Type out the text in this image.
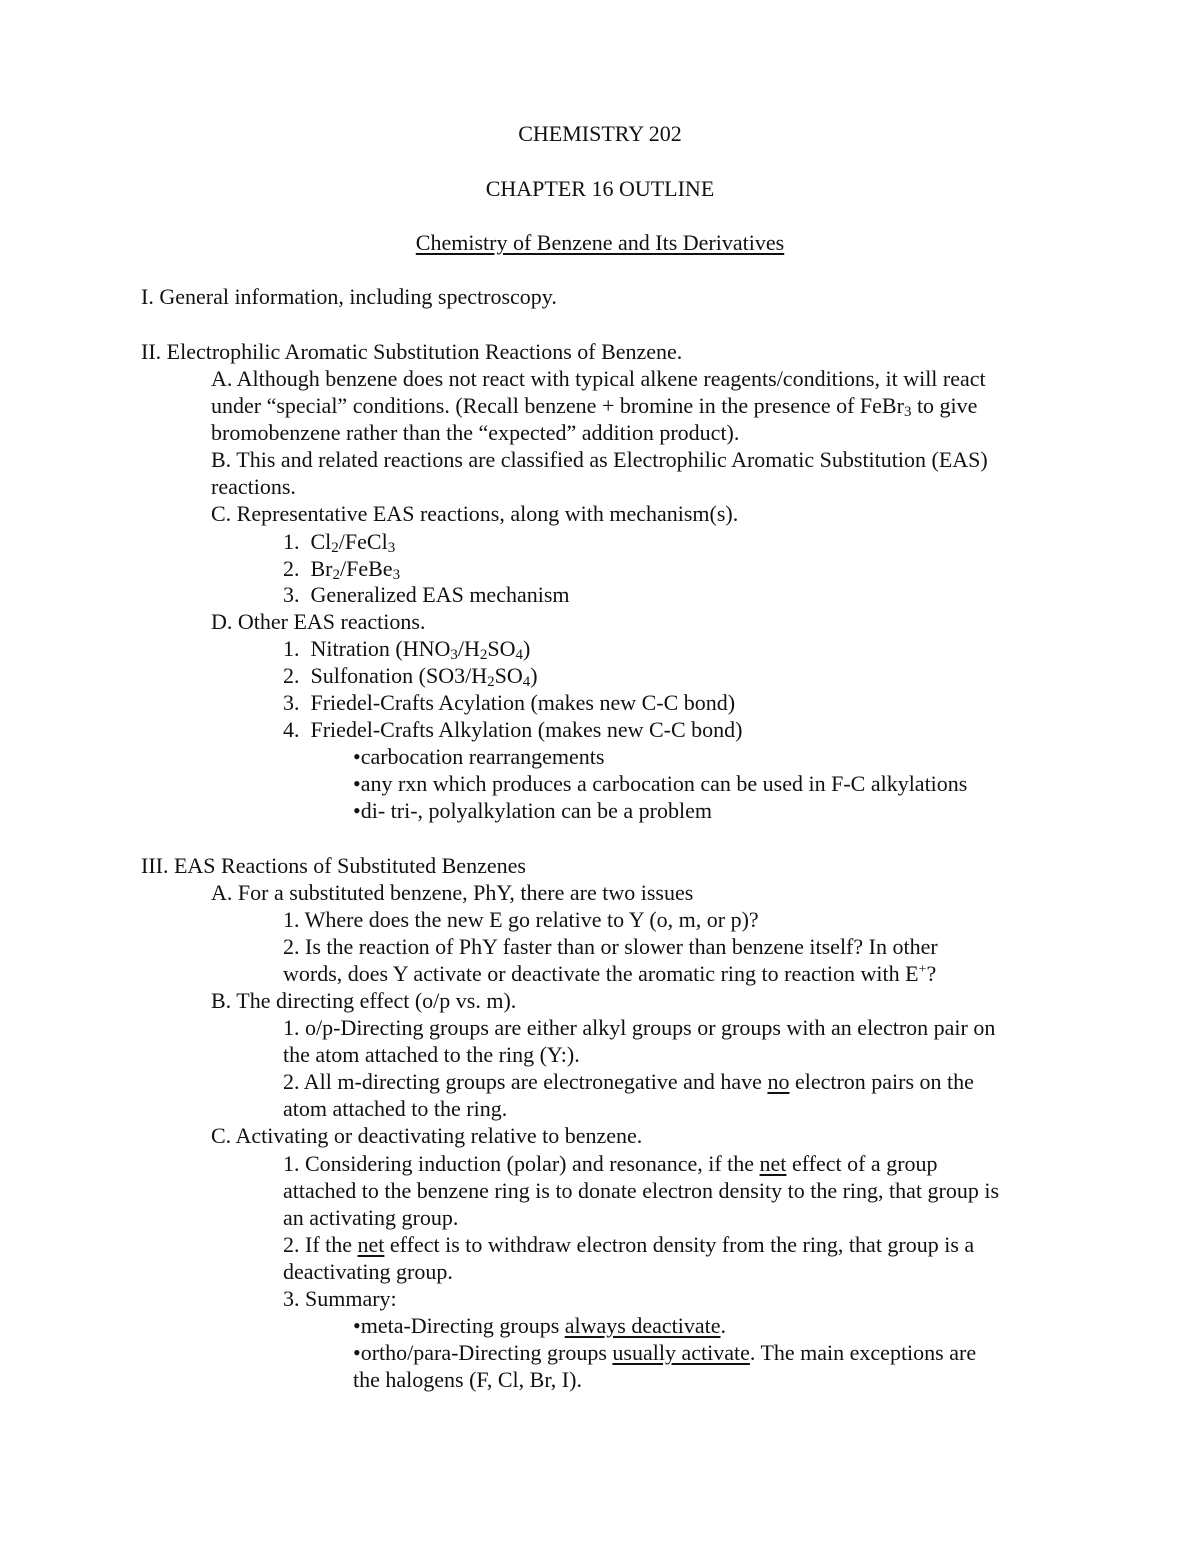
CHEMISTRY 202
CHAPTER 16 OUTLINE
Chemistry of Benzene and Its Derivatives
I. General information, including spectroscopy.
II. Electrophilic Aromatic Substitution Reactions of Benzene.
A. Although benzene does not react with typical alkene reagents/conditions, it will react
under “special” conditions. (Recall benzene + bromine in the presence of FeBr$_3$ to give
bromobenzene rather than the “expected” addition product).
B. This and related reactions are classified as Electrophilic Aromatic Substitution (EAS)
reactions.
C. Representative EAS reactions, along with mechanism(s).
1. $Cl_2/FeCl_3$
2. $Br_2/FeBe_3$
3. Generalized EAS mechanism
D. Other EAS reactions.
1. Nitration $(HNO_3/H_2SO_4)$
2. Sulfonation $(SO3/H_2SO_4)$
3. Friedel-Crafts Acylation (makes new C-C bond)
4. Friedel-Crafts Alkylation (makes new C-C bond)
•carbocation rearrangements
•any rxn which produces a carbocation can be used in F-C alkylations
•di- tri-, polyalkylation can be a problem
III. EAS Reactions of Substituted Benzenes
A. For a substituted benzene, PhY, there are two issues
1. Where does the new E go relative to Y (o, m, or p)?
2. Is the reaction of PhY faster than or slower than benzene itself? In other
words, does Y activate or deactivate the aromatic ring to reaction with E+?
B. The directing effect (o/p vs. m).
1. o/p-Directing groups are either alkyl groups or groups with an electron pair on
the atom attached to the ring (Y:).
2. All m-directing groups are electronegative and have no electron pairs on the
atom attached to the ring.
C. Activating or deactivating relative to benzene.
1. Considering induction (polar) and resonance, if the net effect of a group
attached to the benzene ring is to donate electron density to the ring, that group is
an activating group.
2. If the net effect is to withdraw electron density from the ring, that group is a
deactivating group.
3. Summary:
•meta-Directing groups always deactivate.
•ortho/para-Directing groups usually activate. The main exceptions are
the halogens (F, Cl, Br, I).
